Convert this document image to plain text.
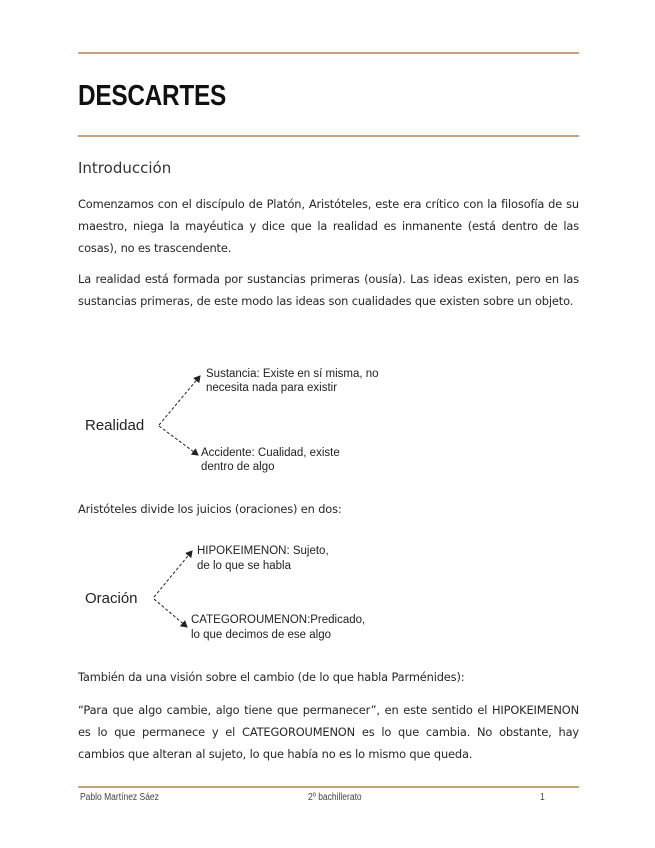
DESCARTES
Introducción

Comenzamos con el discípulo de Platón, Aristóteles, este era crítico con la filosofía de su maestro, niega la mayéutica y dice que la realidad es inmanente (está dentro de las cosas), no es trascendente.

La realidad está formada por sustancias primeras (ousía). Las ideas existen, pero en las sustancias primeras, de este modo las ideas son cualidades que existen sobre un objeto.

Realidad
Sustancia: Existe en sí misma, no
necesita nada para existir
Accidente: Cualidad, existe
dentro de algo

Aristóteles divide los juicios (oraciones) en dos:

Oración
HIPOKEIMENON: Sujeto,
de lo que se habla
CATEGOROUMENON:Predicado,
lo que decimos de ese algo

También da una visión sobre el cambio (de lo que habla Parménides):

“Para que algo cambie, algo tiene que permanecer”, en este sentido el HIPOKEIMENON es lo que permanece y el CATEGOROUMENON es lo que cambia. No obstante, hay cambios que alteran al sujeto, lo que había no es lo mismo que queda.

Pablo Martínez Sáez	2º bachillerato	1
